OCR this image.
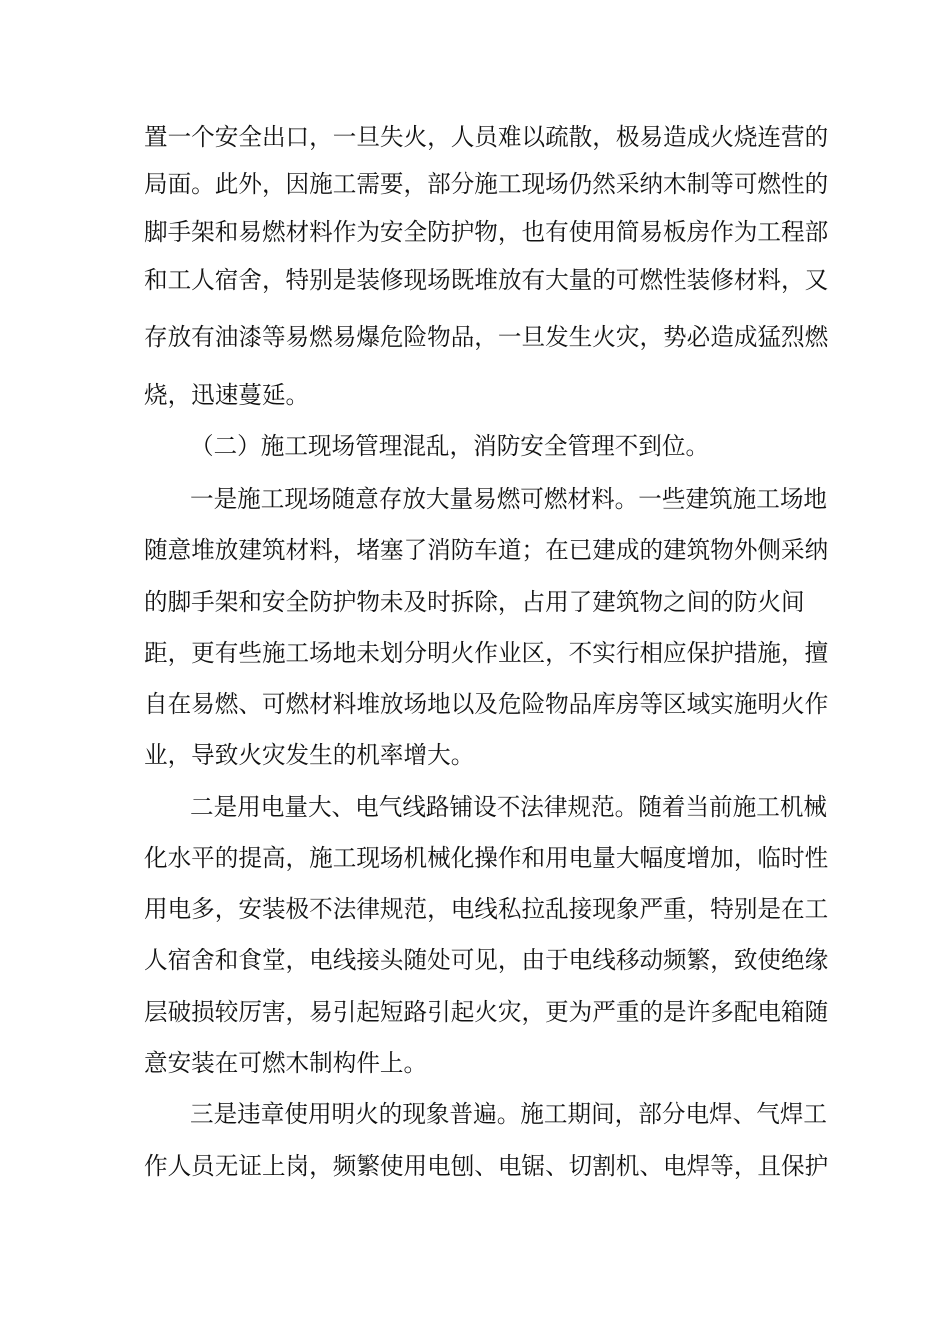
置一个安全出口，一旦失火，人员难以疏散，极易造成火烧连营的
局面。此外，因施工需要，部分施工现场仍然采纳木制等可燃性的
脚手架和易燃材料作为安全防护物，也有使用简易板房作为工程部
和工人宿舍，特别是装修现场既堆放有大量的可燃性装修材料，又
存放有油漆等易燃易爆危险物品，一旦发生火灾，势必造成猛烈燃
烧，迅速蔓延。
（二）施工现场管理混乱，消防安全管理不到位。
一是施工现场随意存放大量易燃可燃材料。一些建筑施工场地
随意堆放建筑材料，堵塞了消防车道；在已建成的建筑物外侧采纳
的脚手架和安全防护物未及时拆除，占用了建筑物之间的防火间
距，更有些施工场地未划分明火作业区，不实行相应保护措施，擅
自在易燃、可燃材料堆放场地以及危险物品库房等区域实施明火作
业，导致火灾发生的机率增大。
二是用电量大、电气线路铺设不法律规范。随着当前施工机械
化水平的提高，施工现场机械化操作和用电量大幅度增加，临时性
用电多，安装极不法律规范，电线私拉乱接现象严重，特别是在工
人宿舍和食堂，电线接头随处可见，由于电线移动频繁，致使绝缘
层破损较厉害，易引起短路引起火灾，更为严重的是许多配电箱随
意安装在可燃木制构件上。
三是违章使用明火的现象普遍。施工期间，部分电焊、气焊工
作人员无证上岗，频繁使用电刨、电锯、切割机、电焊等，且保护
